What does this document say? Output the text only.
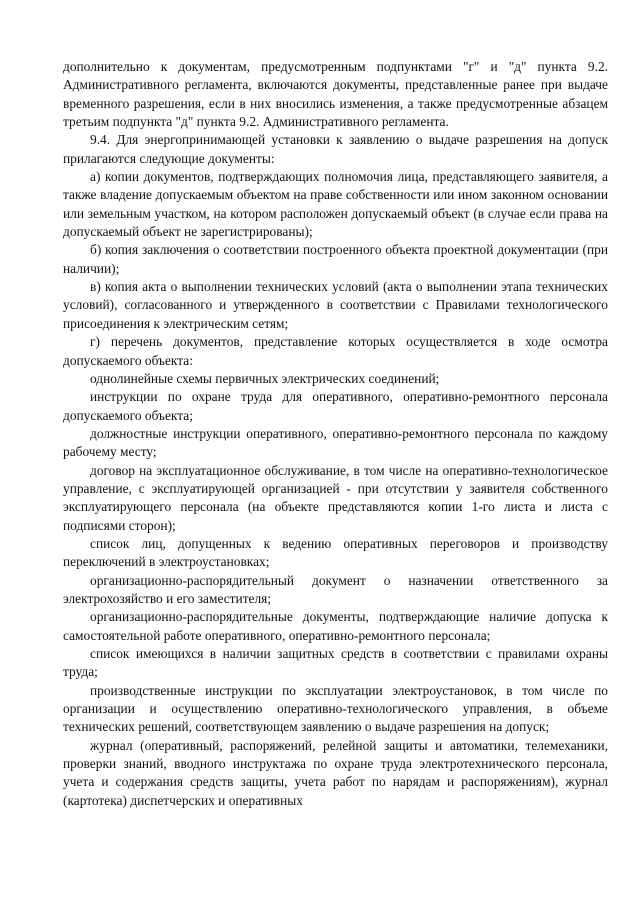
дополнительно к документам, предусмотренным подпунктами "г" и "д" пункта 9.2. Административного регламента, включаются документы, представленные ранее при выдаче временного разрешения, если в них вносились изменения, а также предусмотренные абзацем третьим подпункта "д" пункта 9.2. Административного регламента.

9.4. Для энергопринимающей установки к заявлению о выдаче разрешения на допуск прилагаются следующие документы:

а) копии документов, подтверждающих полномочия лица, представляющего заявителя, а также владение допускаемым объектом на праве собственности или ином законном основании или земельным участком, на котором расположен допускаемый объект (в случае если права на допускаемый объект не зарегистрированы);

б) копия заключения о соответствии построенного объекта проектной документации (при наличии);

в) копия акта о выполнении технических условий (акта о выполнении этапа технических условий), согласованного и утвержденного в соответствии с Правилами технологического присоединения к электрическим сетям;

г) перечень документов, представление которых осуществляется в ходе осмотра допускаемого объекта:

однолинейные схемы первичных электрических соединений;

инструкции по охране труда для оперативного, оперативно-ремонтного персонала допускаемого объекта;

должностные инструкции оперативного, оперативно-ремонтного персонала по каждому рабочему месту;

договор на эксплуатационное обслуживание, в том числе на оперативно-технологическое управление, с эксплуатирующей организацией - при отсутствии у заявителя собственного эксплуатирующего персонала (на объекте представляются копии 1-го листа и листа с подписями сторон);

список лиц, допущенных к ведению оперативных переговоров и производству переключений в электроустановках;

организационно-распорядительный документ о назначении ответственного за электрохозяйство и его заместителя;

организационно-распорядительные документы, подтверждающие наличие допуска к самостоятельной работе оперативного, оперативно-ремонтного персонала;

список имеющихся в наличии защитных средств в соответствии с правилами охраны труда;

производственные инструкции по эксплуатации электроустановок, в том числе по организации и осуществлению оперативно-технологического управления, в объеме технических решений, соответствующем заявлению о выдаче разрешения на допуск;

журнал (оперативный, распоряжений, релейной защиты и автоматики, телемеханики, проверки знаний, вводного инструктажа по охране труда электротехнического персонала, учета и содержания средств защиты, учета работ по нарядам и распоряжениям), журнал (картотека) диспетчерских и оперативных
